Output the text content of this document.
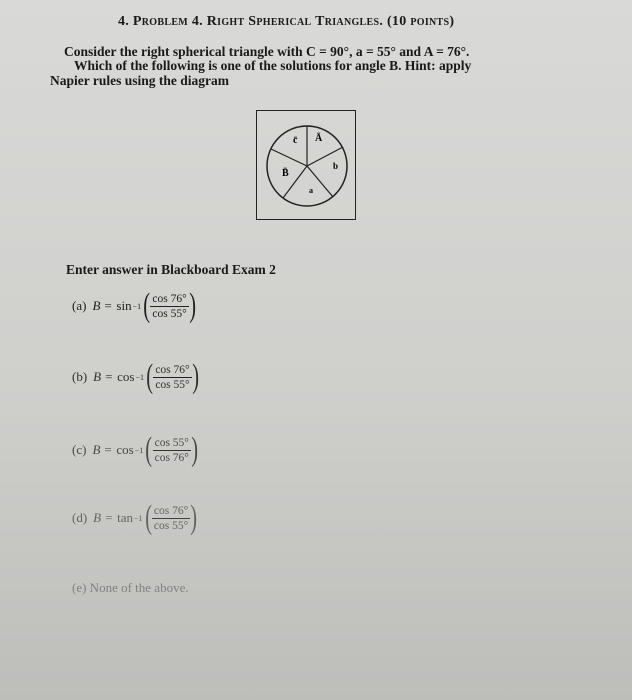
4. Problem 4. Right Spherical Triangles. (10 points)
Consider the right spherical triangle with C = 90°, a = 55° and A = 76°.
Which of the following is one of the solutions for angle B. Hint: apply
Napier rules using the diagram
c̄ Ā
B̄
b
a
Enter answer in Blackboard Exam 2
(a) B = sin −1 ( $\frac{\cos 76^\circ}{\cos 55^\circ}$ )
(b) B = cos −1 ( $\frac{\cos 76^\circ}{\cos 55^\circ}$ )
(c) B = cos −1 ( $\frac{\cos 55^\circ}{\cos 76^\circ}$ )
(d) B = tan −1 ( $\frac{\cos 76^\circ}{\cos 55^\circ}$ )
(e) None of the above.
